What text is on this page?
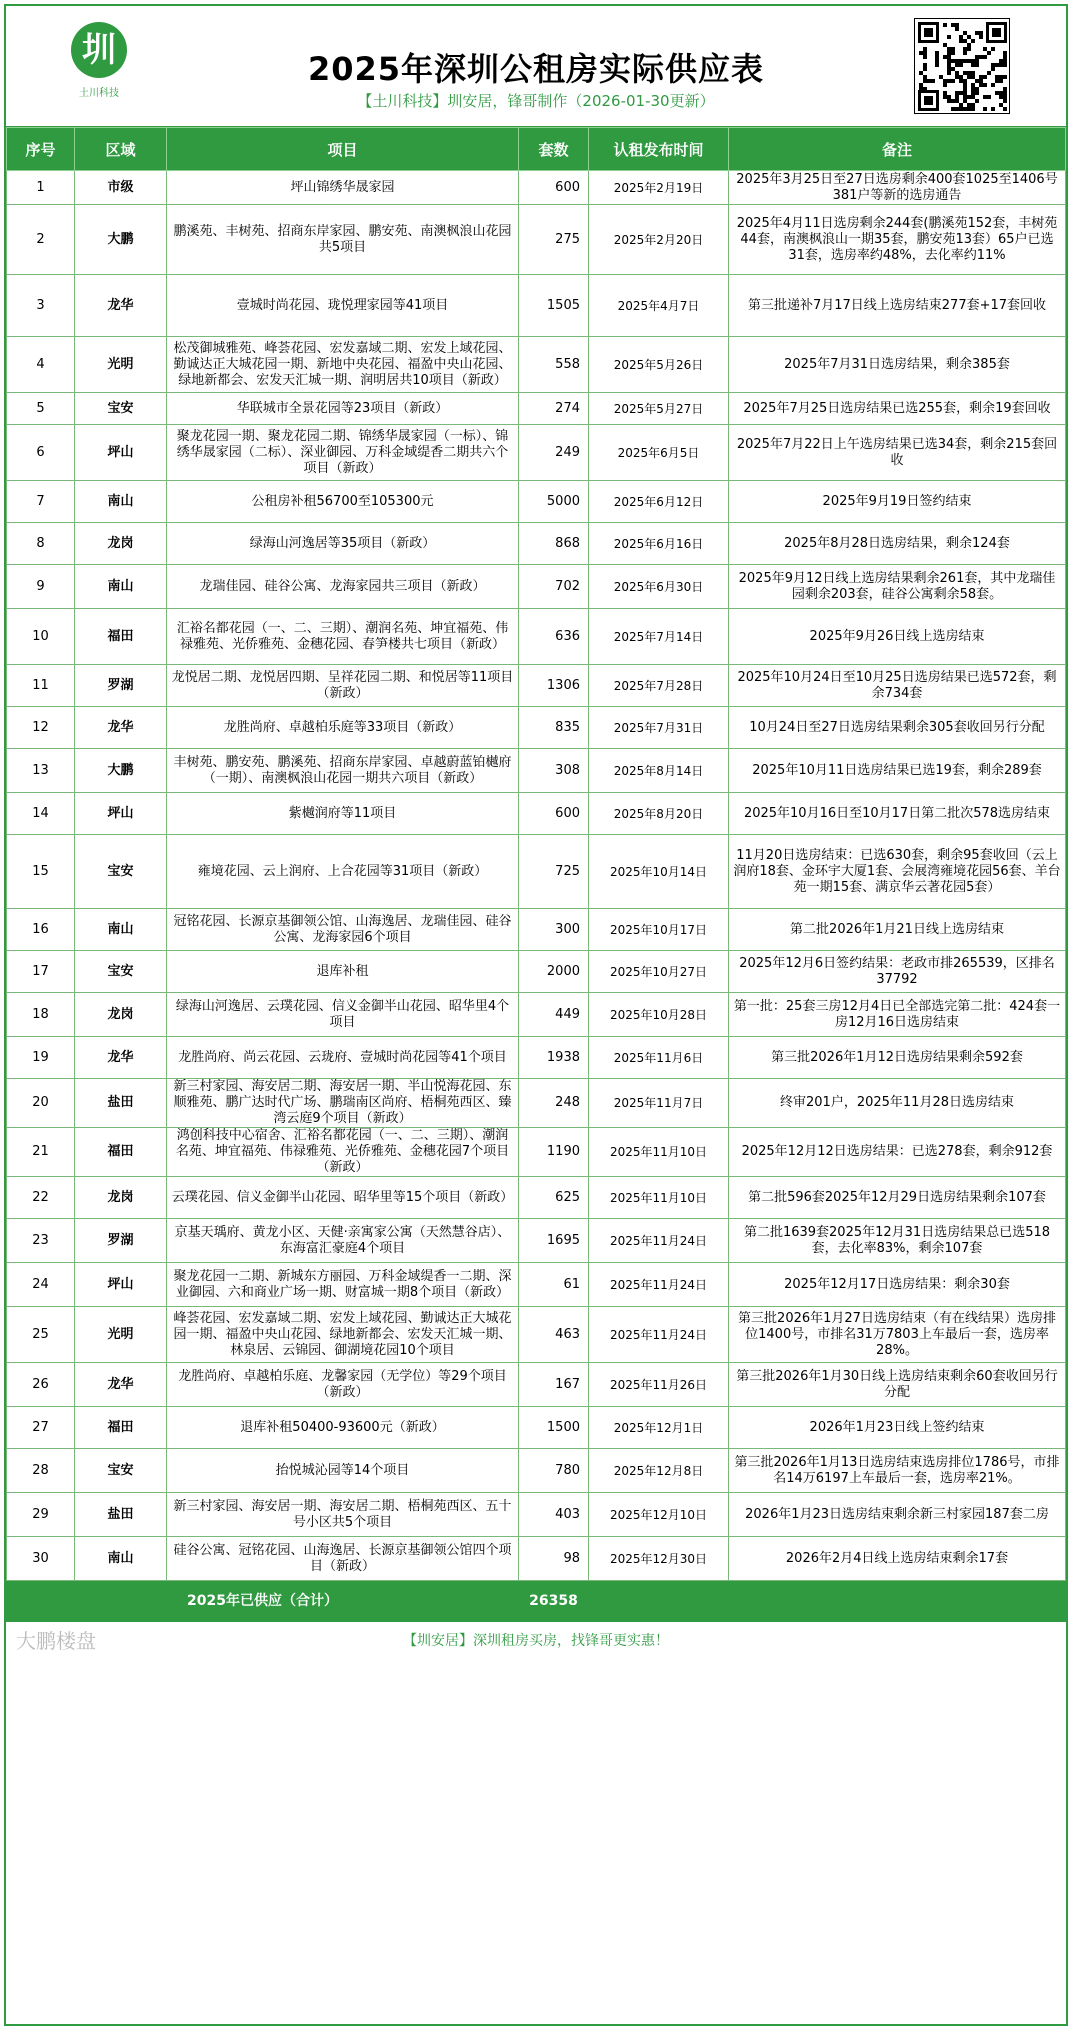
圳
土川科技
2025年深圳公租房实际供应表
【土川科技】圳安居，锋哥制作（2026-01-30更新）
序号	区域	项目	套数	认租发布时间	备注
1	市级	坪山锦绣华晟家园	600	2025年2月19日	2025年3月25日至27日选房剩余400套1025至1406号381户等新的选房通告
2	大鹏	鹏溪苑、丰树苑、招商东岸家园、鹏安苑、南澳枫浪山花园共5项目	275	2025年2月20日	2025年4月11日选房剩余244套(鹏溪苑152套，丰树苑44套，南澳枫浪山一期35套，鹏安苑13套）65户已选31套，选房率约48%，去化率约11%
3	龙华	壹城时尚花园、珑悦理家园等41项目	1505	2025年4月7日	第三批递补7月17日线上选房结束277套+17套回收
4	光明	松茂御城雅苑、峰荟花园、宏发嘉域二期、宏发上域花园、勤诚达正大城花园一期、新地中央花园、福盈中央山花园、绿地新都会、宏发天汇城一期、润明居共10项目（新政）	558	2025年5月26日	2025年7月31日选房结果，剩余385套
5	宝安	华联城市全景花园等23项目（新政）	274	2025年5月27日	2025年7月25日选房结果已选255套，剩余19套回收
6	坪山	聚龙花园一期、聚龙花园二期、锦绣华晟家园（一标）、锦绣华晟家园（二标）、深业御园、万科金域缇香二期共六个项目（新政）	249	2025年6月5日	2025年7月22日上午选房结果已选34套，剩余215套回收
7	南山	公租房补租56700至105300元	5000	2025年6月12日	2025年9月19日签约结束
8	龙岗	绿海山河逸居等35项目（新政）	868	2025年6月16日	2025年8月28日选房结果，剩余124套
9	南山	龙瑞佳园、硅谷公寓、龙海家园共三项目（新政）	702	2025年6月30日	2025年9月12日线上选房结果剩余261套，其中龙瑞佳园剩余203套，硅谷公寓剩余58套。
10	福田	汇裕名都花园（一、二、三期）、潮润名苑、坤宜福苑、伟禄雅苑、光侨雅苑、金穗花园、春笋楼共七项目（新政）	636	2025年7月14日	2025年9月26日线上选房结束
11	罗湖	龙悦居二期、龙悦居四期、呈祥花园二期、和悦居等11项目（新政）	1306	2025年7月28日	2025年10月24日至10月25日选房结果已选572套，剩余734套
12	龙华	龙胜尚府、卓越柏乐庭等33项目（新政）	835	2025年7月31日	10月24日至27日选房结果剩余305套收回另行分配
13	大鹏	丰树苑、鹏安苑、鹏溪苑、招商东岸家园、卓越蔚蓝铂樾府（一期）、南澳枫浪山花园一期共六项目（新政）	308	2025年8月14日	2025年10月11日选房结果已选19套，剩余289套
14	坪山	紫樾润府等11项目	600	2025年8月20日	2025年10月16日至10月17日第二批次578选房结束
15	宝安	雍境花园、云上润府、上合花园等31项目（新政）	725	2025年10月14日	11月20日选房结束：已选630套，剩余95套收回（云上润府18套、金环宇大厦1套、会展湾雍境花园56套、羊台苑一期15套、满京华云著花园5套）
16	南山	冠铭花园、长源京基御领公馆、山海逸居、龙瑞佳园、硅谷公寓、龙海家园6个项目	300	2025年10月17日	第二批2026年1月21日线上选房结束
17	宝安	退库补租	2000	2025年10月27日	2025年12月6日签约结果：老政市排265539，区排名37792
18	龙岗	绿海山河逸居、云璞花园、信义金御半山花园、昭华里4个项目	449	2025年10月28日	第一批：25套三房12月4日已全部选完第二批：424套一房12月16日选房结束
19	龙华	龙胜尚府、尚云花园、云珑府、壹城时尚花园等41个项目	1938	2025年11月6日	第三批2026年1月12日选房结果剩余592套
20	盐田	新三村家园、海安居二期、海安居一期、半山悦海花园、东顺雅苑、鹏广达时代广场、鹏瑞南区尚府、梧桐苑西区、臻湾云庭9个项目（新政）	248	2025年11月7日	终审201户，2025年11月28日选房结束
21	福田	鸿创科技中心宿舍、汇裕名都花园（一、二、三期）、潮润名苑、坤宜福苑、伟禄雅苑、光侨雅苑、金穗花园7个项目（新政）	1190	2025年11月10日	2025年12月12日选房结果：已选278套，剩余912套
22	龙岗	云璞花园、信义金御半山花园、昭华里等15个项目（新政）	625	2025年11月10日	第二批596套2025年12月29日选房结果剩余107套
23	罗湖	京基天瑀府、黄龙小区、天健·亲寓家公寓（天然慧谷店）、东海富汇豪庭4个项目	1695	2025年11月24日	第二批1639套2025年12月31日选房结果总已选518套，去化率83%，剩余107套
24	坪山	聚龙花园一二期、新城东方丽园、万科金域缇香一二期、深业御园、六和商业广场一期、财富城一期8个项目（新政）	61	2025年11月24日	2025年12月17日选房结果：剩余30套
25	光明	峰荟花园、宏发嘉域二期、宏发上域花园、勤诚达正大城花园一期、福盈中央山花园、绿地新都会、宏发天汇城一期、林泉居、云锦园、御湖境花园10个项目	463	2025年11月24日	第三批2026年1月27日选房结束（有在线结果）选房排位1400号，市排名31万7803上车最后一套，选房率28%。
26	龙华	龙胜尚府、卓越柏乐庭、龙馨家园（无学位）等29个项目（新政）	167	2025年11月26日	第三批2026年1月30日线上选房结束剩余60套收回另行分配
27	福田	退库补租50400-93600元（新政）	1500	2025年12月1日	2026年1月23日线上签约结束
28	宝安	抬悦城沁园等14个项目	780	2025年12月8日	第三批2026年1月13日选房结束选房排位1786号，市排名14万6197上车最后一套，选房率21%。
29	盐田	新三村家园、海安居一期、海安居二期、梧桐苑西区、五十号小区共5个项目	403	2025年12月10日	2026年1月23日选房结束剩余新三村家园187套二房
30	南山	硅谷公寓、冠铭花园、山海逸居、长源京基御领公馆四个项目（新政）	98	2025年12月30日	2026年2月4日线上选房结束剩余17套
2025年已供应（合计）			26358		
大鹏楼盘	【圳安居】深圳租房买房，找锋哥更实惠！
